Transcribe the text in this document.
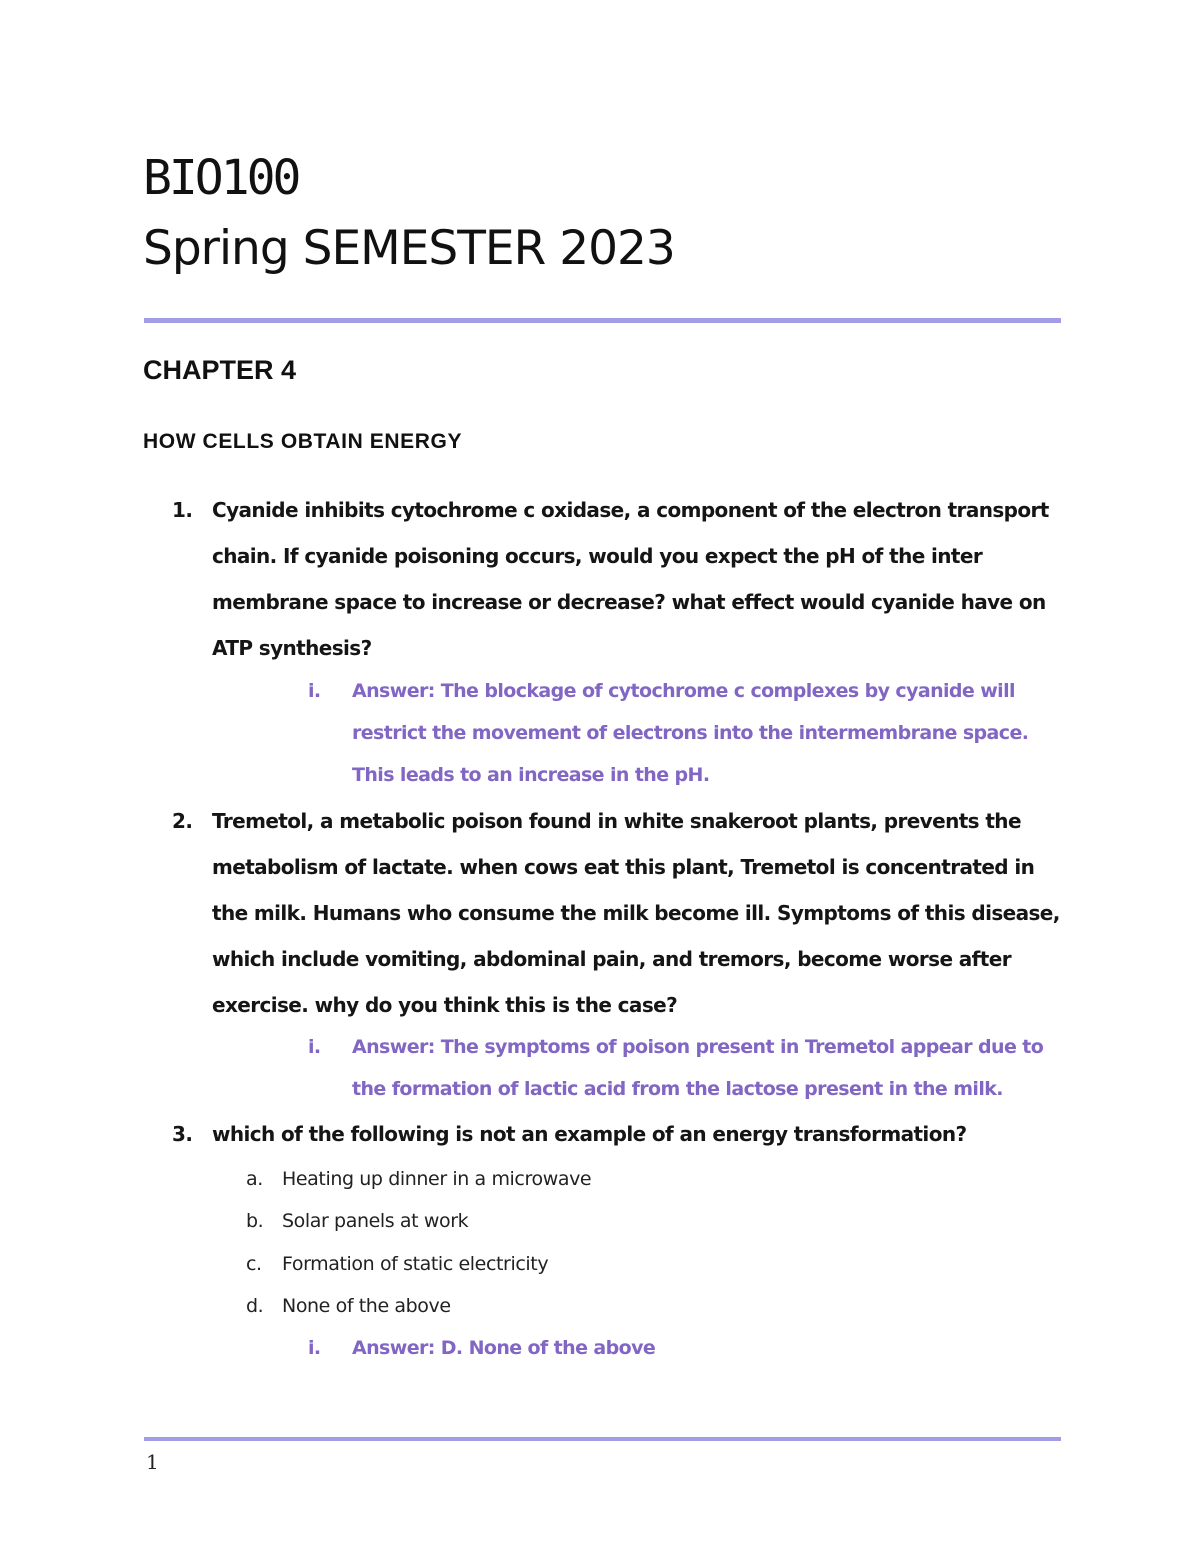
BIO100
Spring SEMESTER 2023
CHAPTER 4
HOW CELLS OBTAIN ENERGY
1. Cyanide inhibits cytochrome c oxidase, a component of the electron transport chain. If cyanide poisoning occurs, would you expect the pH of the inter membrane space to increase or decrease? what effect would cyanide have on ATP synthesis?
i.	Answer: The blockage of cytochrome c complexes by cyanide will restrict the movement of electrons into the intermembrane space. This leads to an increase in the pH.
2. Tremetol, a metabolic poison found in white snakeroot plants, prevents the metabolism of lactate. when cows eat this plant, Tremetol is concentrated in the milk. Humans who consume the milk become ill. Symptoms of this disease, which include vomiting, abdominal pain, and tremors, become worse after exercise. why do you think this is the case?
i.	Answer: The symptoms of poison present in Tremetol appear due to the formation of lactic acid from the lactose present in the milk.
3. which of the following is not an example of an energy transformation?
a.	Heating up dinner in a microwave
b. Solar panels at work
c.	Formation of static electricity
d. None of the above
i.	Answer: D. None of the above
1
